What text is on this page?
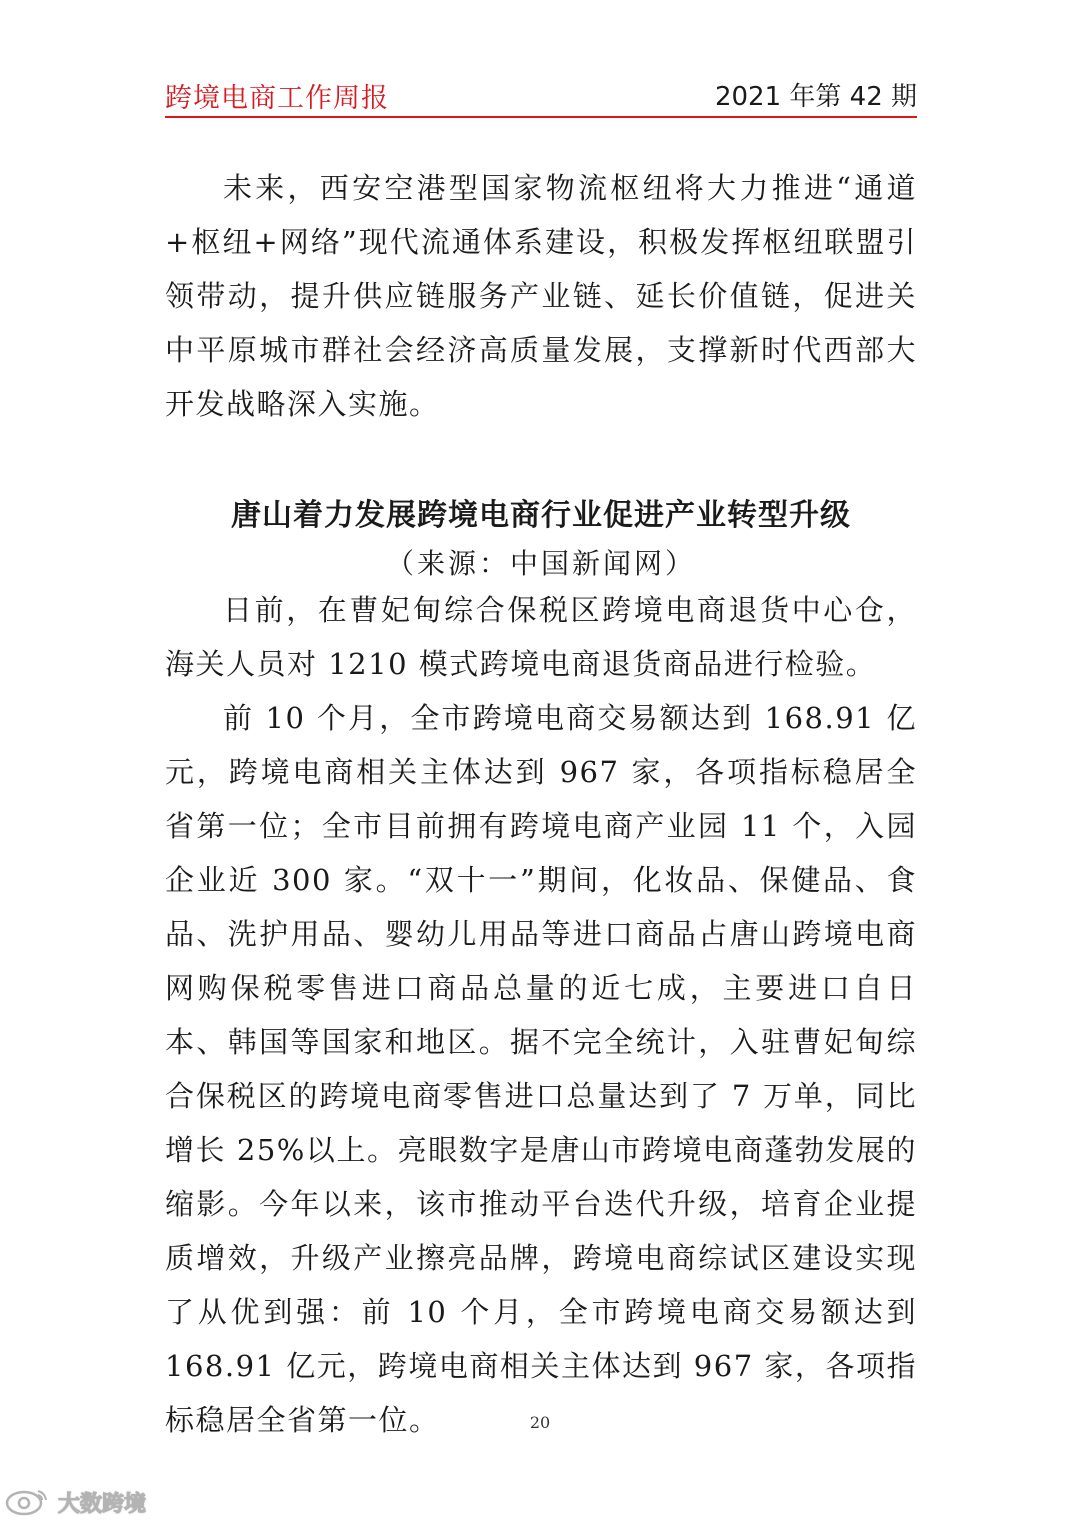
跨境电商工作周报	2021 年第 42 期

未来，西安空港型国家物流枢纽将大力推进“通道+枢纽+网络”现代流通体系建设，积极发挥枢纽联盟引领带动，提升供应链服务产业链、延长价值链，促进关中平原城市群社会经济高质量发展，支撑新时代西部大开发战略深入实施。

唐山着力发展跨境电商行业促进产业转型升级
（来源：中国新闻网）

日前，在曹妃甸综合保税区跨境电商退货中心仓，海关人员对 1210 模式跨境电商退货商品进行检验。

前 10 个月，全市跨境电商交易额达到 168.91 亿元，跨境电商相关主体达到 967 家，各项指标稳居全省第一位；全市目前拥有跨境电商产业园 11 个，入园企业近 300 家。“双十一”期间，化妆品、保健品、食品、洗护用品、婴幼儿用品等进口商品占唐山跨境电商网购保税零售进口商品总量的近七成，主要进口自日本、韩国等国家和地区。据不完全统计，入驻曹妃甸综合保税区的跨境电商零售进口总量达到了 7 万单，同比增长 25%以上。亮眼数字是唐山市跨境电商蓬勃发展的缩影。今年以来，该市推动平台迭代升级，培育企业提质增效，升级产业擦亮品牌，跨境电商综试区建设实现了从优到强：前 10 个月，全市跨境电商交易额达到 168.91 亿元，跨境电商相关主体达到 967 家，各项指标稳居全省第一位。	20
大数跨境
